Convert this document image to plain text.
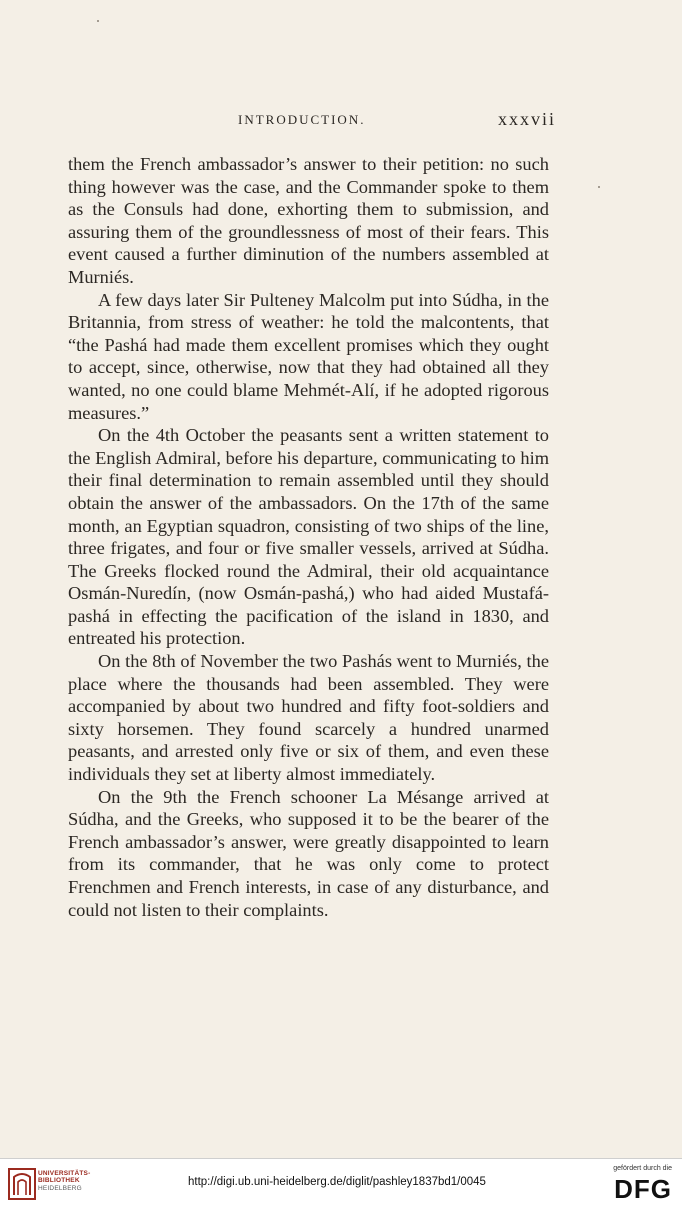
INTRODUCTION.	xxxvii

them the French ambassador’s answer to their petition: no such thing however was the case, and the Commander spoke to them as the Consuls had done, exhorting them to submission, and assuring them of the groundlessness of most of their fears. This event caused a further diminution of the numbers assembled at Murniés.

A few days later Sir Pulteney Malcolm put into Súdha, in the Britannia, from stress of weather: he told the malcontents, that “the Pashá had made them excellent promises which they ought to accept, since, otherwise, now that they had obtained all they wanted, no one could blame Mehmét-Alí, if he adopted rigorous measures.”

On the 4th October the peasants sent a written statement to the English Admiral, before his departure, communicating to him their final determination to remain assembled until they should obtain the answer of the ambassadors. On the 17th of the same month, an Egyptian squadron, consisting of two ships of the line, three frigates, and four or five smaller vessels, arrived at Súdha. The Greeks flocked round the Admiral, their old acquaintance Osmán-Nuredín, (now Osmán-pashá,) who had aided Mustafá-pashá in effecting the pacification of the island in 1830, and entreated his protection.

On the 8th of November the two Pashás went to Murniés, the place where the thousands had been assembled. They were accompanied by about two hundred and fifty foot-soldiers and sixty horsemen. They found scarcely a hundred unarmed peasants, and arrested only five or six of them, and even these individuals they set at liberty almost immediately.

On the 9th the French schooner La Mésange arrived at Súdha, and the Greeks, who supposed it to be the bearer of the French ambassador’s answer, were greatly disappointed to learn from its commander, that he was only come to protect Frenchmen and French interests, in case of any disturbance, and could not listen to their complaints.

UNIVERSITÄTS-
BIBLIOTHEK
HEIDELBERG
http://digi.ub.uni-heidelberg.de/diglit/pashley1837bd1/0045
gefördert durch die
DFG
